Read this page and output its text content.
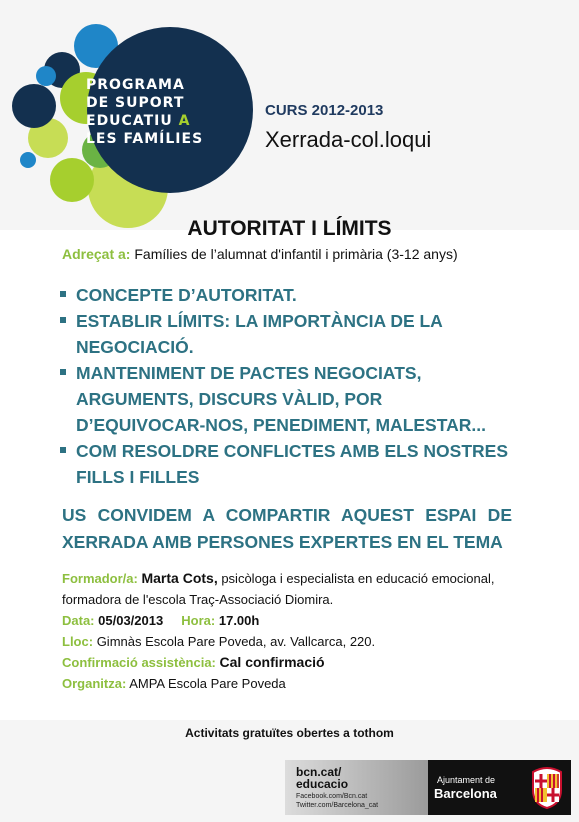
PROGRAMA
DE SUPORT
EDUCATIU A
LES FAMÍLIES
CURS 2012-2013
Xerrada-col.loqui
AUTORITAT I LÍMITS
Adreçat a: Famílies de l’alumnat d'infantil i primària (3-12 anys)
CONCEPTE D’AUTORITAT.
ESTABLIR LÍMITS: LA IMPORTÀNCIA DE LA
NEGOCIACIÓ.
MANTENIMENT DE PACTES NEGOCIATS,
ARGUMENTS, DISCURS VÀLID, POR
D’EQUIVOCAR-NOS, PENEDIMENT, MALESTAR...
COM RESOLDRE CONFLICTES AMB ELS NOSTRES
FILLS I FILLES
US CONVIDEM A COMPARTIR AQUEST ESPAI DE
XERRADA AMB PERSONES EXPERTES EN EL TEMA
Formador/a: Marta Cots, psicòloga i especialista en educació emocional,
formadora de l'escola Traç-Associació Diomira.
Data: 05/03/2013 Hora: 17.00h
Lloc: Gimnàs Escola Pare Poveda, av. Vallcarca, 220.
Confirmació assistència: Cal confirmació
Organitza: AMPA Escola Pare Poveda
Activitats gratuïtes obertes a tothom
bcn.cat/
educacio
Facebook.com/Bcn.cat
Twitter.com/Barcelona_cat
Ajuntament de
Barcelona
